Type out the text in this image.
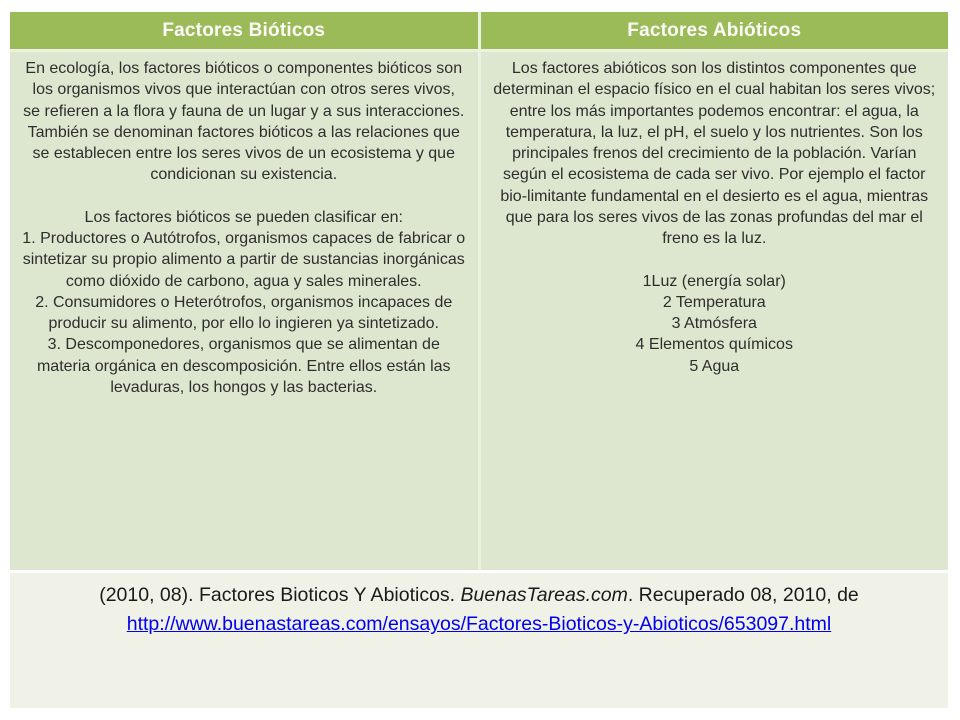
Factores Bióticos	Factores Abióticos

En ecología, los factores bióticos o componentes bióticos son los organismos vivos que interactúan con otros seres vivos, se refieren a la flora y fauna de un lugar y a sus interacciones. También se denominan factores bióticos a las relaciones que se establecen entre los seres vivos de un ecosistema y que condicionan su existencia.

Los factores bióticos se pueden clasificar en:

1. Productores o Autótrofos, organismos capaces de fabricar o sintetizar su propio alimento a partir de sustancias inorgánicas como dióxido de carbono, agua y sales minerales.

2. Consumidores o Heterótrofos, organismos incapaces de producir su alimento, por ello lo ingieren ya sintetizado.

3. Descomponedores, organismos que se alimentan de materia orgánica en descomposición. Entre ellos están las levaduras, los hongos y las bacterias.

Los factores abióticos son los distintos componentes que determinan el espacio físico en el cual habitan los seres vivos; entre los más importantes podemos encontrar: el agua, la temperatura, la luz, el pH, el suelo y los nutrientes. Son los principales frenos del crecimiento de la población. Varían según el ecosistema de cada ser vivo. Por ejemplo el factor bio-limitante fundamental en el desierto es el agua, mientras que para los seres vivos de las zonas profundas del mar el freno es la luz.

1Luz (energía solar)

2 Temperatura

3 Atmósfera

4 Elementos químicos

5 Agua

(2010, 08). Factores Bioticos Y Abioticos. BuenasTareas.com. Recuperado 08, 2010, de
http://www.buenastareas.com/ensayos/Factores-Bioticos-y-Abioticos/653097.html
